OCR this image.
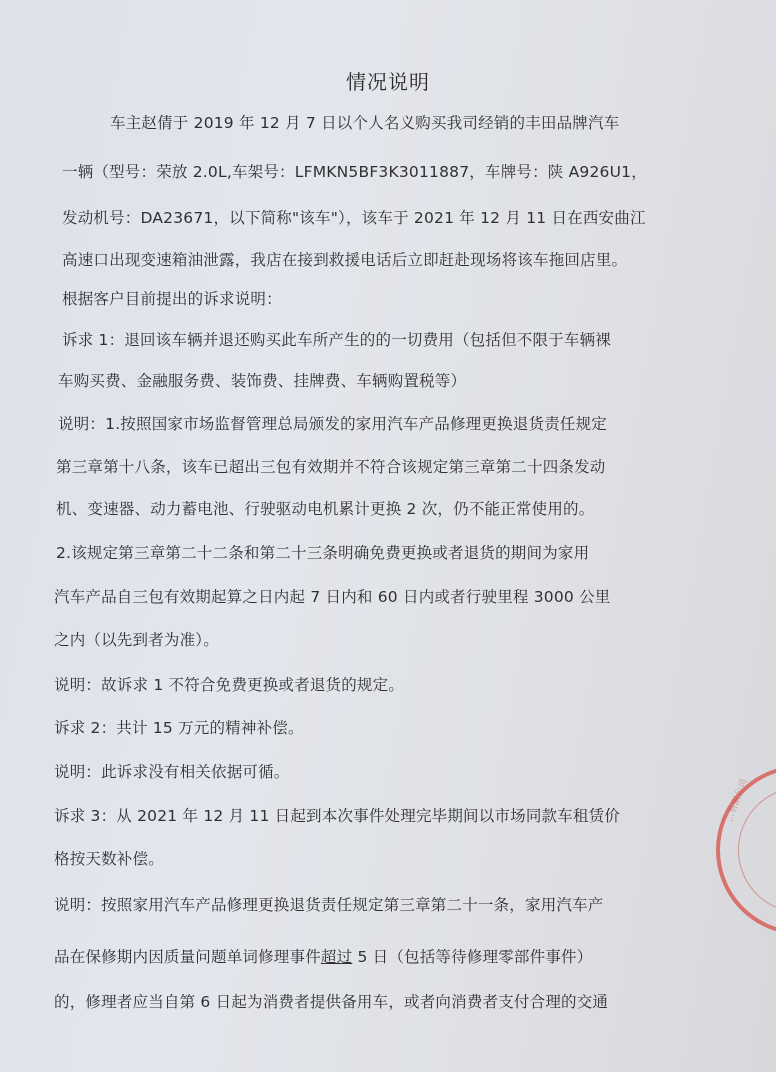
情况说明
车主赵倩于 2019 年 12 月 7 日以个人名义购买我司经销的丰田品牌汽车
一辆（型号：荣放 2.0L,车架号：LFMKN5BF3K3011887，车牌号：陕 A926U1，
发动机号：DA23671，以下简称"该车"），该车于 2021 年 12 月 11 日在西安曲江
高速口出现变速箱油泄露，我店在接到救援电话后立即赶赴现场将该车拖回店里。
根据客户目前提出的诉求说明：
诉求 1：退回该车辆并退还购买此车所产生的的一切费用（包括但不限于车辆裸
车购买费、金融服务费、装饰费、挂牌费、车辆购置税等）
说明：1.按照国家市场监督管理总局颁发的家用汽车产品修理更换退货责任规定
第三章第十八条，该车已超出三包有效期并不符合该规定第三章第二十四条发动
机、变速器、动力蓄电池、行驶驱动电机累计更换 2 次，仍不能正常使用的。
2.该规定第三章第二十二条和第二十三条明确免费更换或者退货的期间为家用
汽车产品自三包有效期起算之日内起 7 日内和 60 日内或者行驶里程 3000 公里
之内（以先到者为准）。
说明：故诉求 1 不符合免费更换或者退货的规定。
诉求 2：共计 15 万元的精神补偿。
说明：此诉求没有相关依据可循。
诉求 3：从 2021 年 12 月 11 日起到本次事件处理完毕期间以市场同款车租赁价
格按天数补偿。
说明：按照家用汽车产品修理更换退货责任规定第三章第二十一条，家用汽车产
品在保修期内因质量问题单词修理事件超过 5 日（包括等待修理零部件事件）
的，修理者应当自第 6 日起为消费者提供备用车，或者向消费者支付合理的交通
…有限公司
